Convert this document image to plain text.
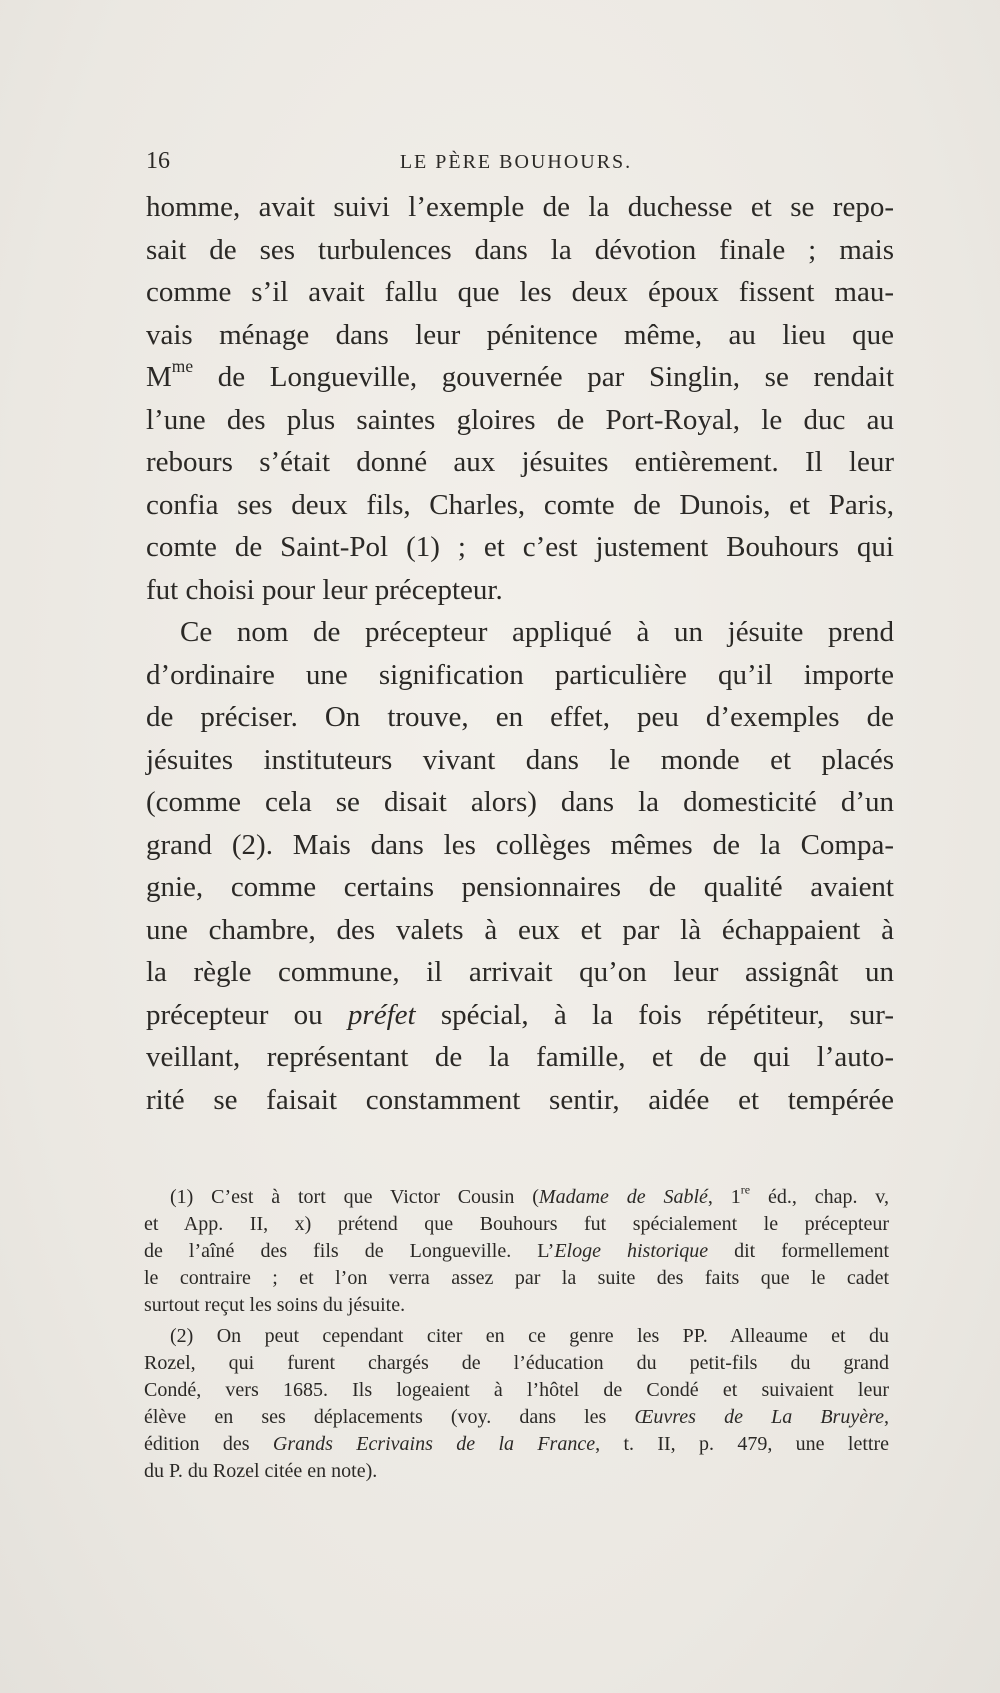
16	LE PÈRE BOUHOURS.
homme, avait suivi l’exemple de la duchesse et se repo-
sait de ses turbulences dans la dévotion finale ; mais
comme s’il avait fallu que les deux époux fissent mau-
vais ménage dans leur pénitence même, au lieu que
$M^{me}$ de Longueville, gouvernée par Singlin, se rendait
l’une des plus saintes gloires de Port-Royal, le duc au
rebours s’était donné aux jésuites entièrement. Il leur
confia ses deux fils, Charles, comte de Dunois, et Paris,
comte de Saint-Pol (1) ; et c’est justement Bouhours qui
fut choisi pour leur précepteur.
Ce nom de précepteur appliqué à un jésuite prend
d’ordinaire une signification particulière qu’il importe
de préciser. On trouve, en effet, peu d’exemples de
jésuites instituteurs vivant dans le monde et placés
(comme cela se disait alors) dans la domesticité d’un
grand (2). Mais dans les collèges mêmes de la Compa-
gnie, comme certains pensionnaires de qualité avaient
une chambre, des valets à eux et par là échappaient à
la règle commune, il arrivait qu’on leur assignât un
précepteur ou préfet spécial, à la fois répétiteur, sur-
veillant, représentant de la famille, et de qui l’auto-
rité se faisait constamment sentir, aidée et tempérée
(1) C’est à tort que Victor Cousin (Madame de Sablé, 1re éd., chap. v,
et App. II, x) prétend que Bouhours fut spécialement le précepteur
de l’aîné des fils de Longueville. L’Eloge historique dit formellement
le contraire ; et l’on verra assez par la suite des faits que le cadet
surtout reçut les soins du jésuite.
(2) On peut cependant citer en ce genre les PP. Alleaume et du
Rozel, qui furent chargés de l’éducation du petit-fils du grand
Condé, vers 1685. Ils logeaient à l’hôtel de Condé et suivaient leur
élève en ses déplacements (voy. dans les Œuvres de La Bruyère,
édition des Grands Ecrivains de la France, t. II, p. 479, une lettre
du P. du Rozel citée en note).
